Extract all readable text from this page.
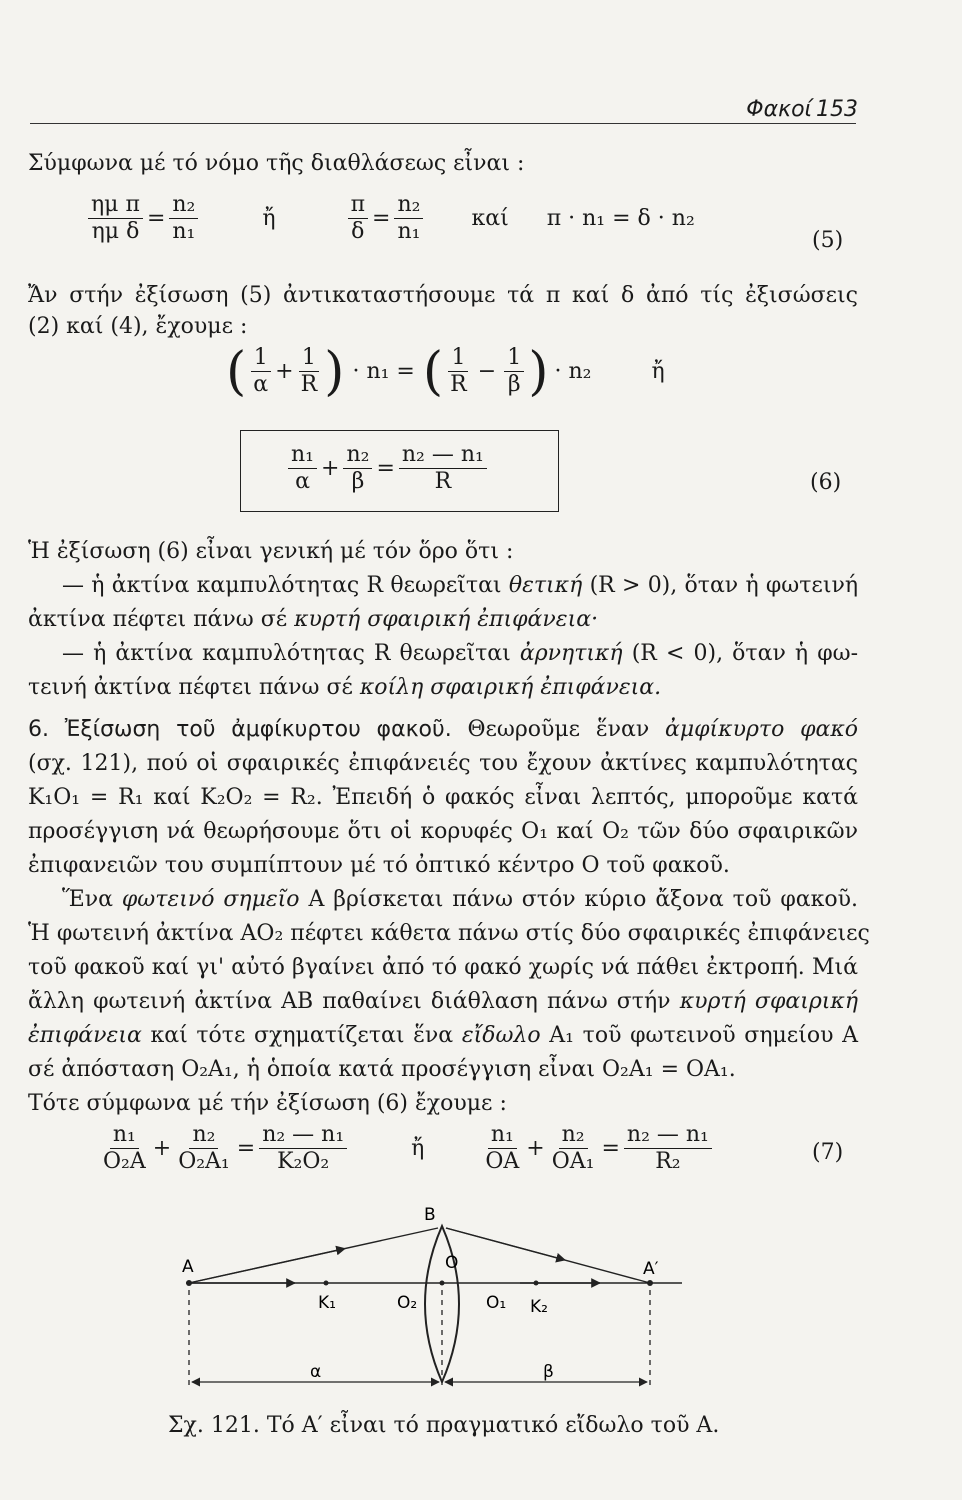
Φακοί 153
Σύμφωνα μέ τό νόμο τῆς διαθλάσεως εἶναι :
$\frac{\text{ημ π}}{\text{ημ δ}} = \frac{\text{n₂}}{\text{n₁}}$	ἤ	$\frac{\pi}{\delta} = \frac{\text{n₂}}{\text{n₁}}$ καί π · n₁ = δ · n₂
(5)
Ἄν στήν ἐξίσωση (5) ἀντικαταστήσουμε τά π καί δ ἀπό τίς ἐξισώσεις
(2) καί (4), ἔχουμε :
( $\frac{1}{\alpha} + \frac{1}{R}$ ) · n₁ = ( $\frac{1}{R} - \frac{1}{\beta}$ ) · n₂	ἤ
$\frac{\text{n₁}}{\alpha} + \frac{\text{n₂}}{\beta} = \frac{\text{n₂ — n₁}}{R}$	(6)
Ἡ ἐξίσωση (6) εἶναι γενική μέ τόν ὅρο ὅτι :
— ἡ ἀκτίνα καμπυλότητας R θεωρεῖται θετική (R > 0), ὅταν ἡ φωτεινή
ἀκτίνα πέφτει πάνω σέ κυρτή σφαιρική ἐπιφάνεια·
— ἡ ἀκτίνα καμπυλότητας R θεωρεῖται ἀρνητική (R < 0), ὅταν ἡ φω-
τεινή ἀκτίνα πέφτει πάνω σέ κοίλη σφαιρική ἐπιφάνεια.
6. Ἐξίσωση τοῦ ἀμφίκυρτου φακοῦ. Θεωροῦμε ἕναν ἀμφίκυρτο φακό
(σχ. 121), πού οἱ σφαιρικές ἐπιφάνειές του ἔχουν ἀκτίνες καμπυλότητας
K₁O₁ = R₁ καί K₂O₂ = R₂. Ἐπειδή ὁ φακός εἶναι λεπτός, μποροῦμε κατά
προσέγγιση νά θεωρήσουμε ὅτι οἱ κορυφές O₁ καί O₂ τῶν δύο σφαιρικῶν
ἐπιφανειῶν του συμπίπτουν μέ τό ὀπτικό κέντρο O τοῦ φακοῦ.
Ἕνα φωτεινό σημεῖο A βρίσκεται πάνω στόν κύριο ἄξονα τοῦ φακοῦ.
Ἡ φωτεινή ἀκτίνα AO₂ πέφτει κάθετα πάνω στίς δύο σφαιρικές ἐπιφάνειες
τοῦ φακοῦ καί γι' αὐτό βγαίνει ἀπό τό φακό χωρίς νά πάθει ἐκτροπή. Μιά
ἄλλη φωτεινή ἀκτίνα AB παθαίνει διάθλαση πάνω στήν κυρτή σφαιρική
ἐπιφάνεια καί τότε σχηματίζεται ἕνα εἴδωλο A₁ τοῦ φωτεινοῦ σημείου A
σέ ἀπόσταση O₂A₁, ἡ ὁποία κατά προσέγγιση εἶναι O₂A₁ = OA₁.
Τότε σύμφωνα μέ τήν ἐξίσωση (6) ἔχουμε :
$\frac{\text{n₁}}{\text{O₂A}} + \frac{\text{n₂}}{\text{O₂A₁}} = \frac{\text{n₂ — n₁}}{\text{K₂O₂}}$	ἤ	$\frac{\text{n₁}}{OA} + \frac{\text{n₂}}{\text{OA₁}} = \frac{\text{n₂ — n₁}}{\text{R₂}}$	(7)
B
A	O	A′
K₁	O₂	O₁ K₂
α	β
Σχ. 121. Τό A′ εἶναι τό πραγματικό εἴδωλο τοῦ A.
